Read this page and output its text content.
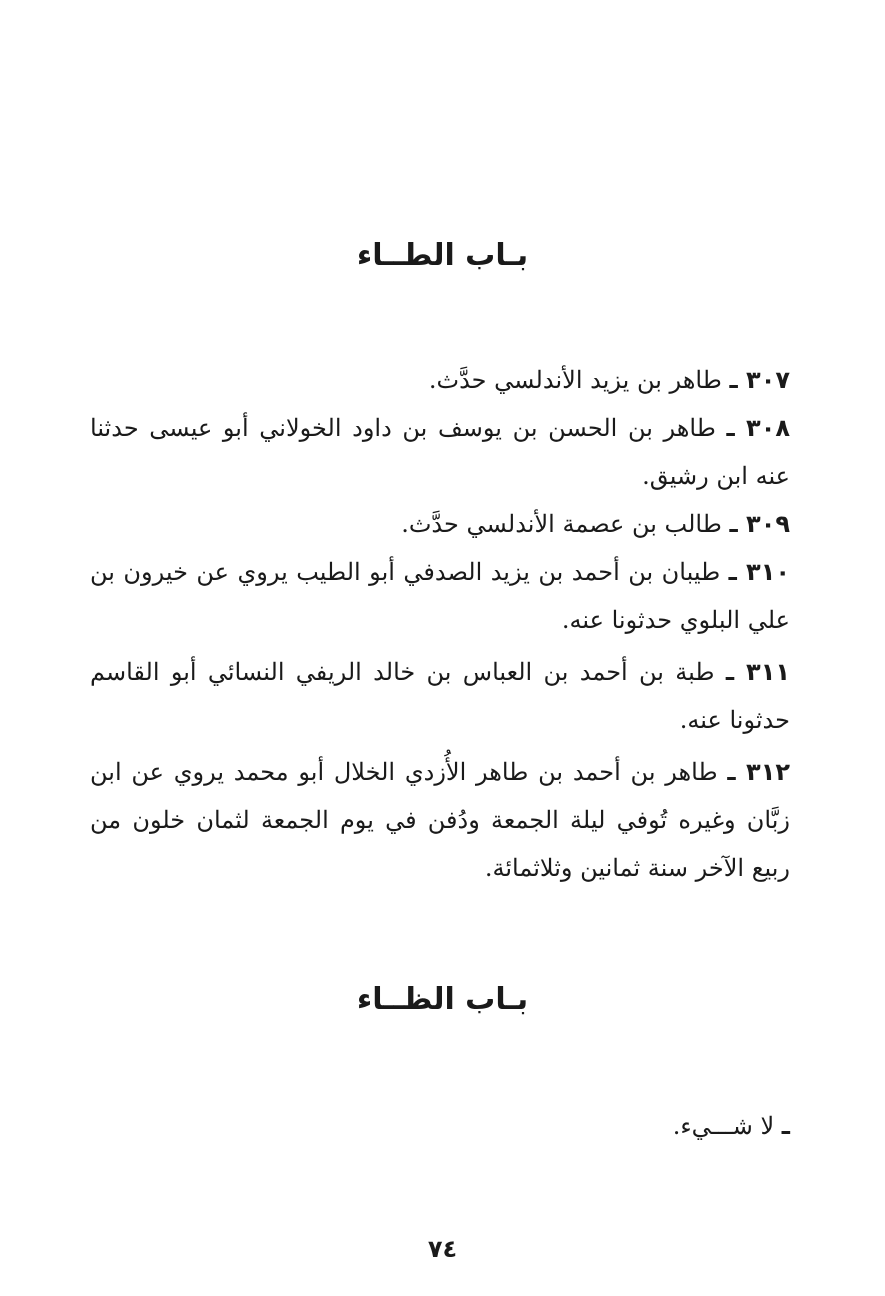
بـاب الطــاء

٣٠٧ ـ طاهر بن يزيد الأندلسي حدَّث.

٣٠٨ ـ طاهر بن الحسن بن يوسف بن داود الخولاني أبو عيسى حدثنا عنه ابن رشيق.

٣٠٩ ـ طالب بن عصمة الأندلسي حدَّث.

٣١٠ ـ طيبان بن أحمد بن يزيد الصدفي أبو الطيب يروي عن خيرون بن علي البلوي حدثونا عنه.

٣١١ ـ طبة بن أحمد بن العباس بن خالد الريفي النسائي أبو القاسم حدثونا عنه.

٣١٢ ـ طاهر بن أحمد بن طاهر الأُزدي الخلال أبو محمد يروي عن ابن زبَّان وغيره تُوفي ليلة الجمعة ودُفن في يوم الجمعة لثمان خلون من ربيع الآخر سنة ثمانين وثلاثمائة.

بـاب الظــاء
ـ لا شـــيء.
٧٤
